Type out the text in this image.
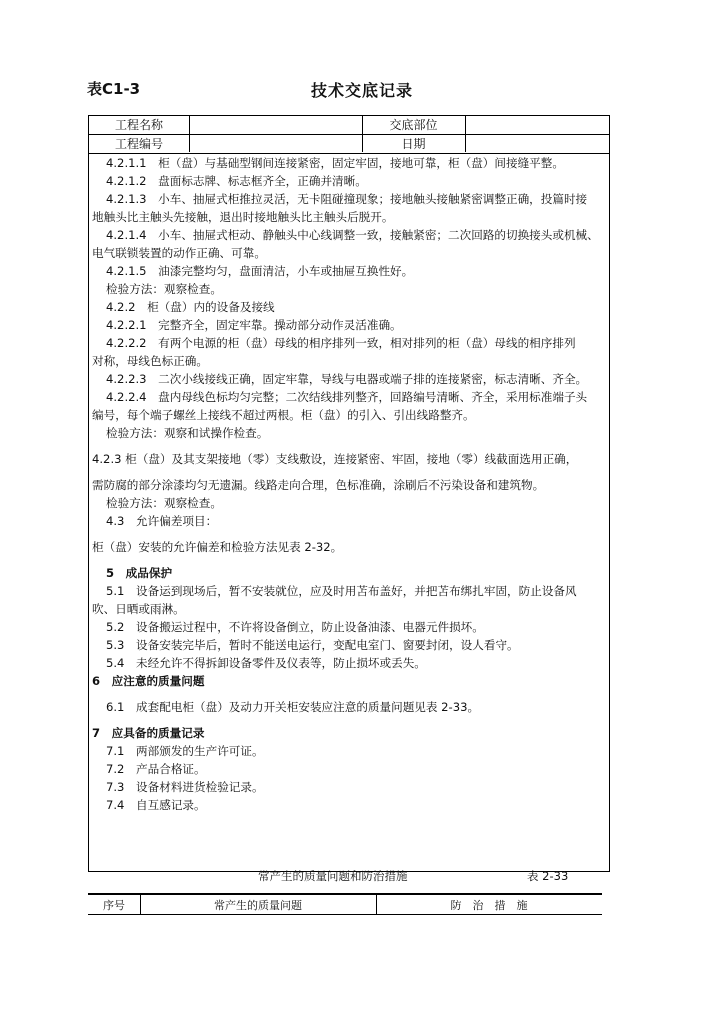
表C1-3	技术交底记录
工程名称	交底部位
工程编号	日期
4.2.1.1　柜（盘）与基础型钢间连接紧密，固定牢固，接地可靠，柜（盘）间接缝平整。
4.2.1.2　盘面标志牌、标志框齐全，正确并清晰。
4.2.1.3　小车、抽屉式柜推拉灵活，无卡阻碰撞现象；接地触头接触紧密调整正确，投篇时接
地触头比主触头先接触，退出时接地触头比主触头后脱开。
4.2.1.4　小车、抽屉式柜动、静触头中心线调整一致，接触紧密；二次回路的切换接头或机械、
电气联锁装置的动作正确、可靠。
4.2.1.5　油漆完整均匀，盘面清洁，小车或抽屉互换性好。
检验方法：观察检查。
4.2.2　柜（盘）内的设备及接线
4.2.2.1　完整齐全，固定牢靠。操动部分动作灵活准确。
4.2.2.2　有两个电源的柜（盘）母线的相序排列一致，相对排列的柜（盘）母线的相序排列
对称，母线色标正确。
4.2.2.3　二次小线接线正确，固定牢靠，导线与电器或端子排的连接紧密，标志清晰、齐全。
4.2.2.4　盘内母线色标均匀完整；二次结线排列整齐，回路编号清晰、齐全，采用标准端子头
编号，每个端子螺丝上接线不超过两根。柜（盘）的引入、引出线路整齐。
检验方法：观察和试操作检查。
4.2.3 柜（盘）及其支架接地（零）支线敷设，连接紧密、牢固，接地（零）线截面选用正确，
需防腐的部分涂漆均匀无遗漏。线路走向合理，色标准确，涂刷后不污染设备和建筑物。
检验方法：观察检查。
4.3　允许偏差项目：
柜（盘）安装的允许偏差和检验方法见表 2-32。
5　成品保护
5.1　设备运到现场后，暂不安装就位，应及时用苫布盖好，并把苫布绑扎牢固，防止设备风
吹、日晒或雨淋。
5.2　设备搬运过程中，不许将设备倒立，防止设备油漆、电器元件损坏。
5.3　设备安装完毕后，暂时不能送电运行，变配电室门、窗要封闭，设人看守。
5.4　未经允许不得拆卸设备零件及仪表等，防止损坏或丢失。
6　应注意的质量问题
6.1　成套配电柜（盘）及动力开关柜安装应注意的质量问题见表 2-33。
7　应具备的质量记录
7.1　两部颁发的生产许可证。
7.2　产品合格证。
7.3　设备材料进货检验记录。
7.4　自互感记录。
常产生的质量问题和防治措施	表 2-33
序号	常产生的质量问题	防　治　措　施
